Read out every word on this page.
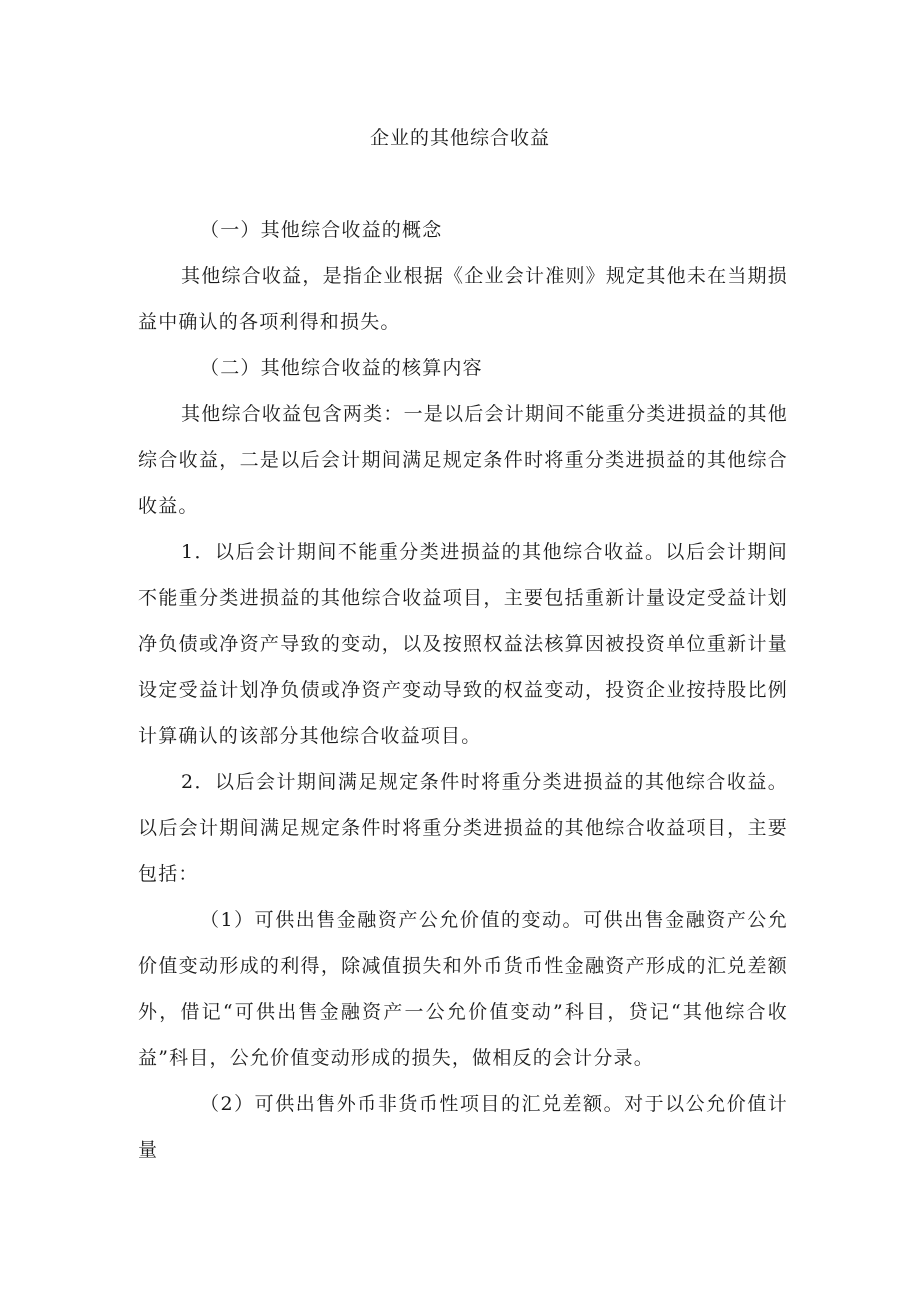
企业的其他综合收益

（一）其他综合收益的概念

其他综合收益，是指企业根据《企业会计准则》规定其他未在当期损益中确认的各项利得和损失。

（二）其他综合收益的核算内容

其他综合收益包含两类：一是以后会计期间不能重分类进损益的其他综合收益，二是以后会计期间满足规定条件时将重分类进损益的其他综合收益。

1．以后会计期间不能重分类进损益的其他综合收益。以后会计期间不能重分类进损益的其他综合收益项目，主要包括重新计量设定受益计划净负债或净资产导致的变动，以及按照权益法核算因被投资单位重新计量设定受益计划净负债或净资产变动导致的权益变动，投资企业按持股比例计算确认的该部分其他综合收益项目。

2．以后会计期间满足规定条件时将重分类进损益的其他综合收益。以后会计期间满足规定条件时将重分类进损益的其他综合收益项目，主要包括：

（1）可供出售金融资产公允价值的变动。可供出售金融资产公允价值变动形成的利得，除减值损失和外币货币性金融资产形成的汇兑差额外，借记“可供出售金融资产一公允价值变动”科目，贷记“其他综合收益”科目，公允价值变动形成的损失，做相反的会计分录。

（2）可供出售外币非货币性项目的汇兑差额。对于以公允价值计量
